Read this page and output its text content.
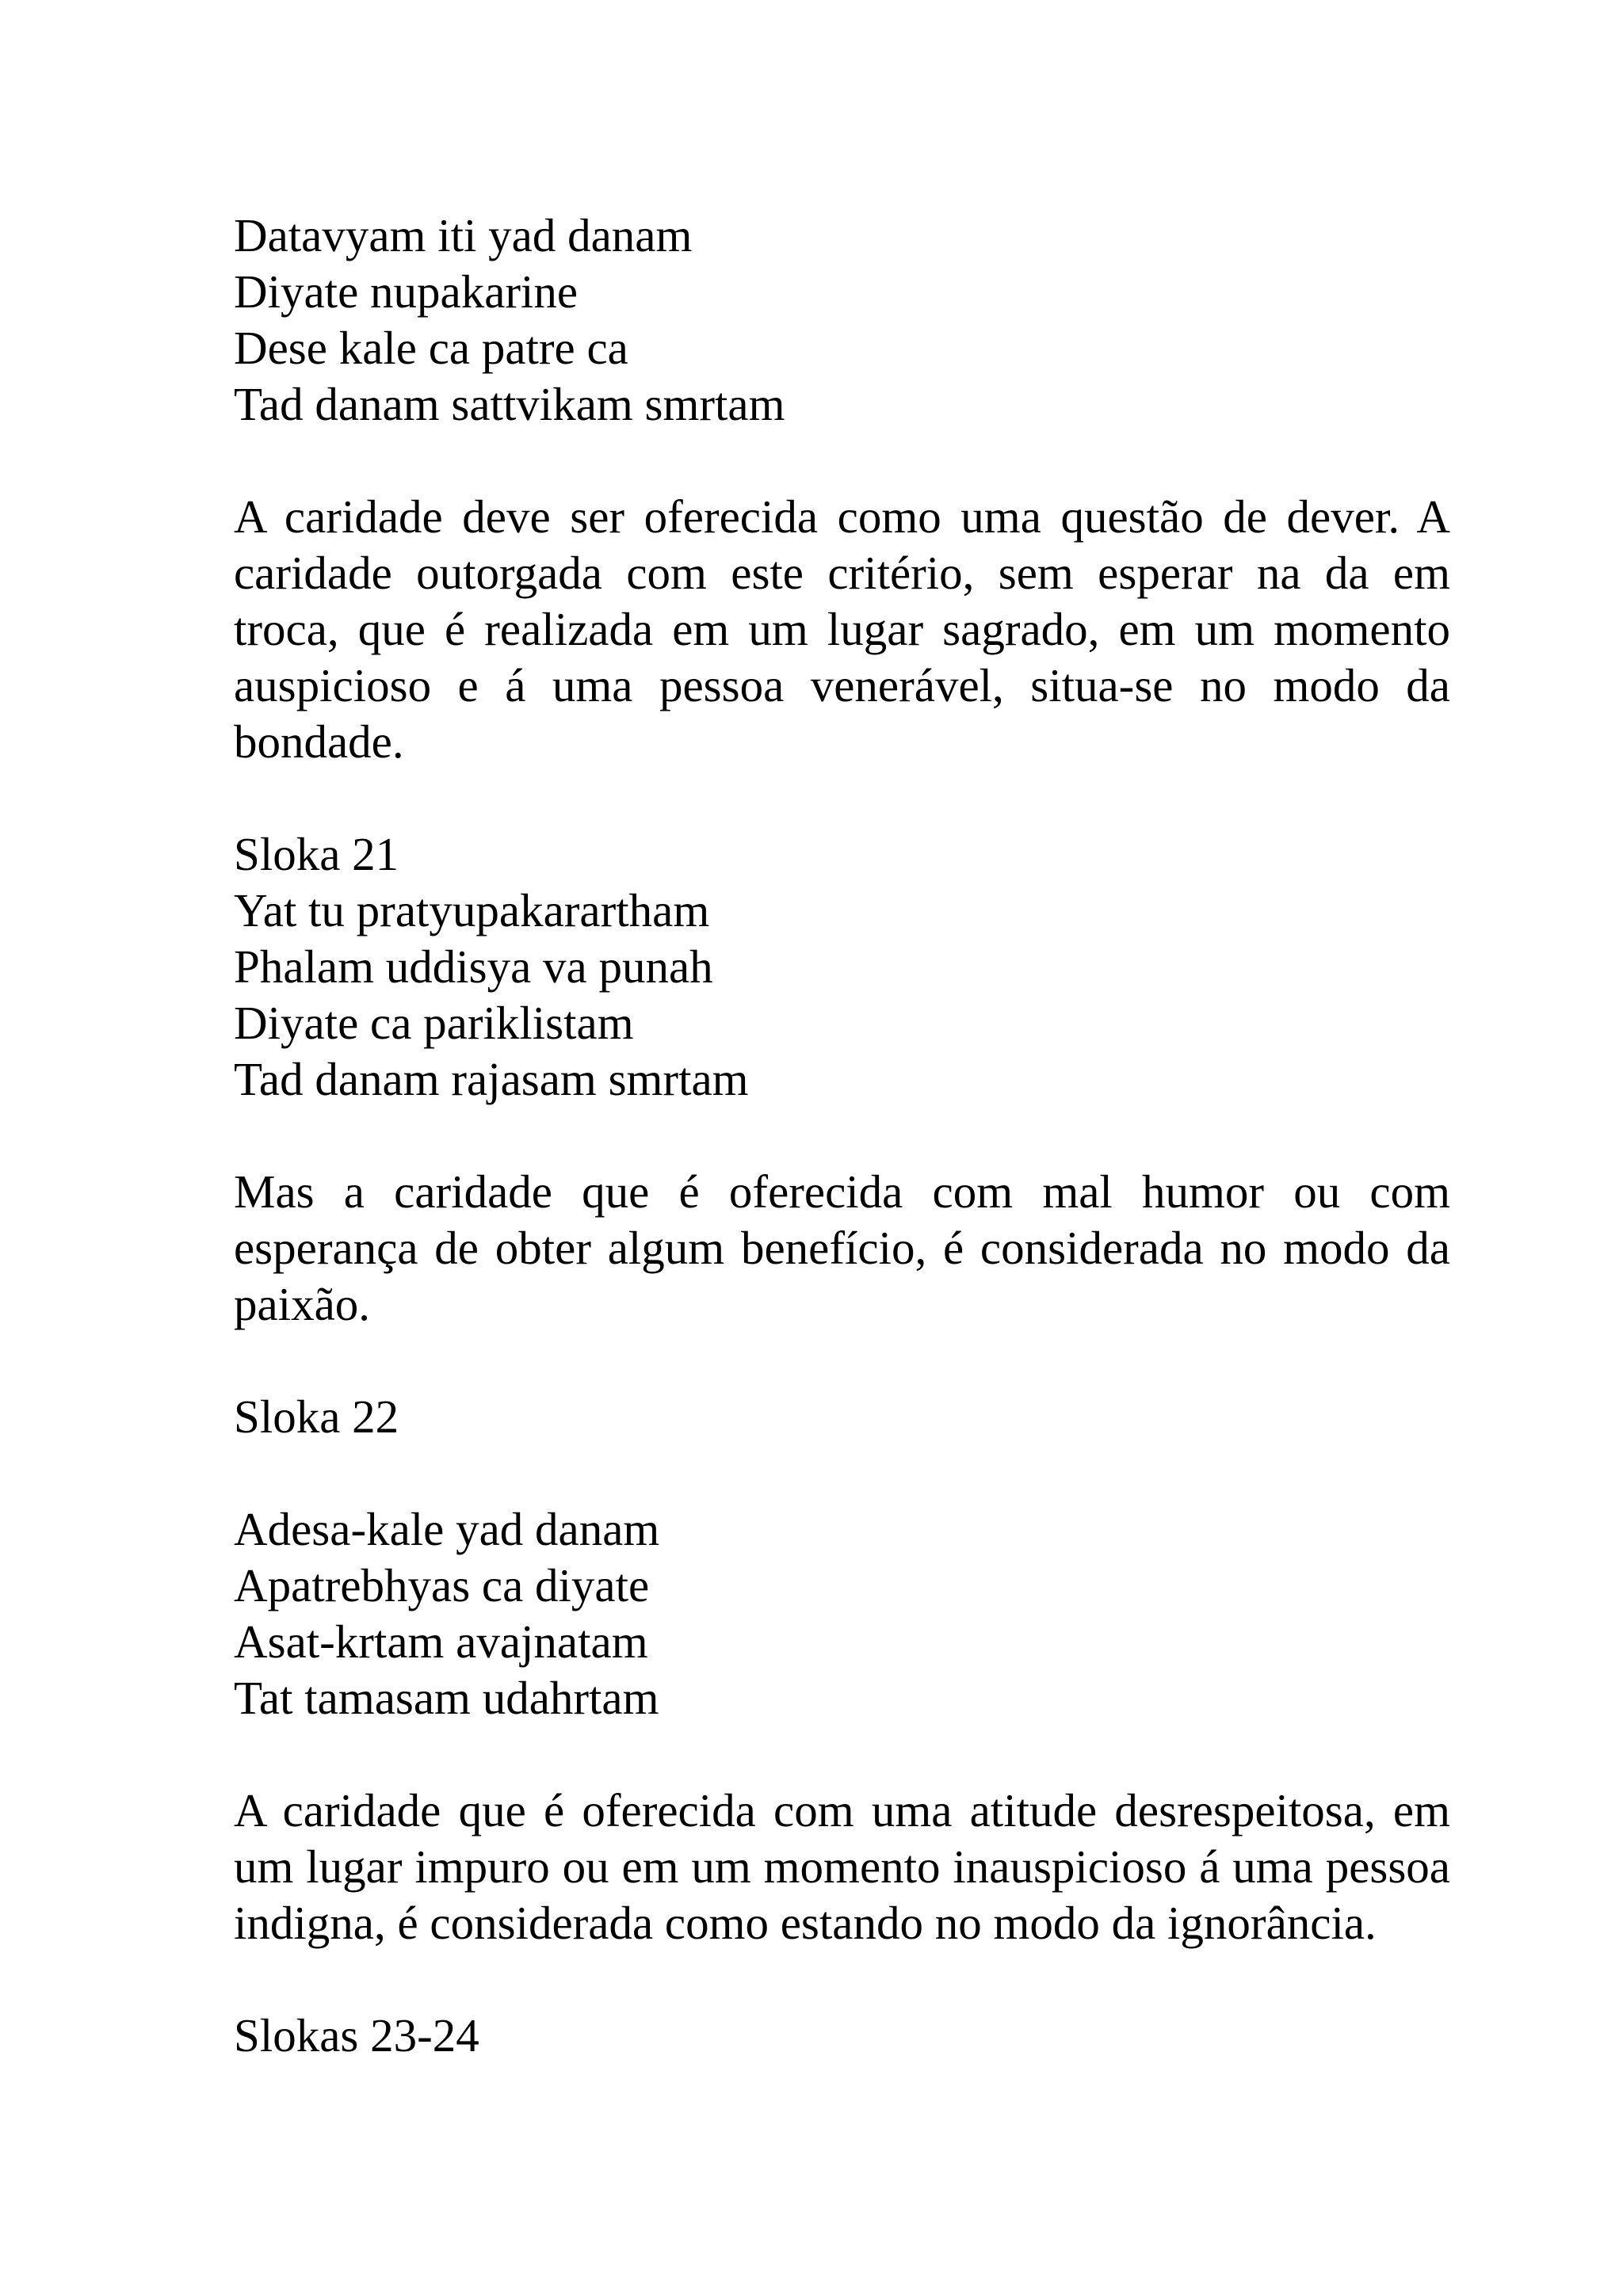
Datavyam iti yad danam
Diyate nupakarine
Dese kale ca patre ca
Tad danam sattvikam smrtam

A caridade deve ser oferecida como uma questão de dever. A caridade outorgada com este critério, sem esperar na da em troca, que é realizada em um lugar sagrado, em um momento auspicioso e á uma pessoa venerável, situa-se no modo da bondade.

Sloka 21

Yat tu pratyupakarartham
Phalam uddisya va punah
Diyate ca pariklistam
Tad danam rajasam smrtam

Mas a caridade que é oferecida com mal humor ou com esperança de obter algum benefício, é considerada no modo da paixão.

Sloka 22

Adesa-kale yad danam
Apatrebhyas ca diyate
Asat-krtam avajnatam
Tat tamasam udahrtam

A caridade que é oferecida com uma atitude desrespeitosa, em um lugar impuro ou em um momento inauspicioso á uma pessoa indigna, é considerada como estando no modo da ignorância.

Slokas 23-24
